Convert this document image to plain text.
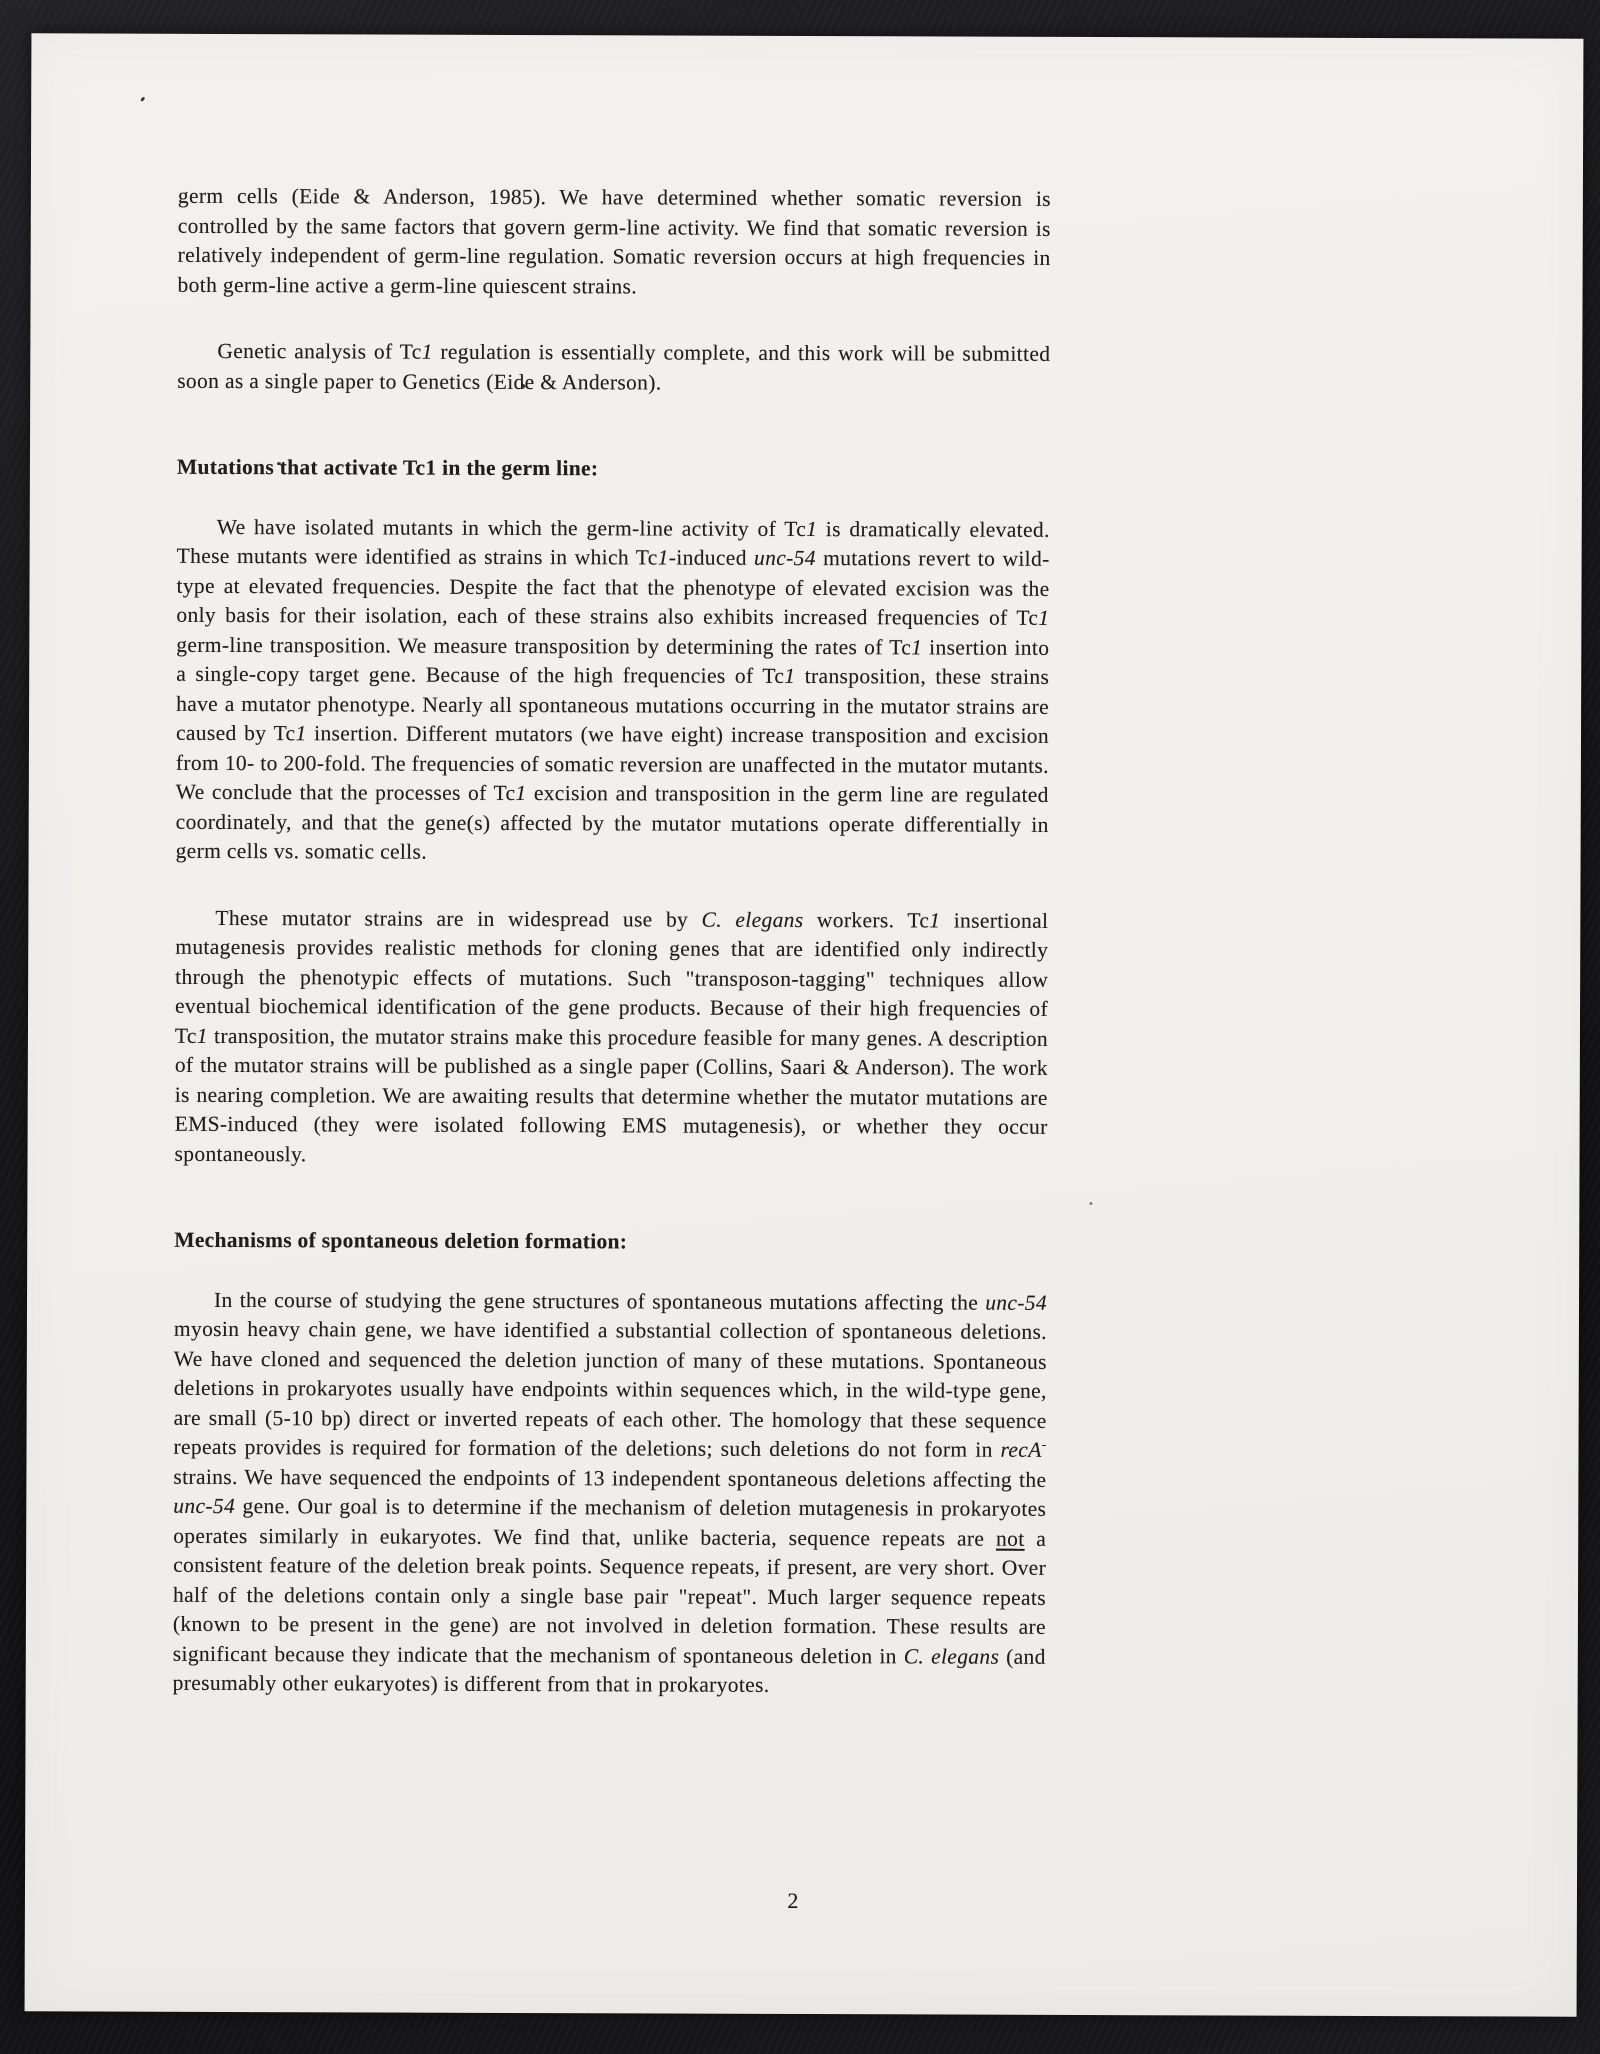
germ cells (Eide & Anderson, 1985). We have determined whether somatic reversion is controlled by the same factors that govern germ-line activity. We find that somatic reversion is relatively independent of germ-line regulation. Somatic reversion occurs at high frequencies in both germ-line active a germ-line quiescent strains.

Genetic analysis of Tc1 regulation is essentially complete, and this work will be submitted soon as a single paper to Genetics (Eide & Anderson).

Mutations that activate Tc1 in the germ line:

We have isolated mutants in which the germ-line activity of Tc1 is dramatically elevated. These mutants were identified as strains in which Tc1-induced unc-54 mutations revert to wild-type at elevated frequencies. Despite the fact that the phenotype of elevated excision was the only basis for their isolation, each of these strains also exhibits increased frequencies of Tc1 germ-line transposition. We measure transposition by determining the rates of Tc1 insertion into a single-copy target gene. Because of the high frequencies of Tc1 transposition, these strains have a mutator phenotype. Nearly all spontaneous mutations occurring in the mutator strains are caused by Tc1 insertion. Different mutators (we have eight) increase transposition and excision from 10- to 200-fold. The frequencies of somatic reversion are unaffected in the mutator mutants. We conclude that the processes of Tc1 excision and transposition in the germ line are regulated coordinately, and that the gene(s) affected by the mutator mutations operate differentially in germ cells vs. somatic cells.

These mutator strains are in widespread use by C. elegans workers. Tc1 insertional mutagenesis provides realistic methods for cloning genes that are identified only indirectly through the phenotypic effects of mutations. Such "transposon-tagging" techniques allow eventual biochemical identification of the gene products. Because of their high frequencies of Tc1 transposition, the mutator strains make this procedure feasible for many genes. A description of the mutator strains will be published as a single paper (Collins, Saari & Anderson). The work is nearing completion. We are awaiting results that determine whether the mutator mutations are EMS-induced (they were isolated following EMS mutagenesis), or whether they occur spontaneously.

Mechanisms of spontaneous deletion formation:

In the course of studying the gene structures of spontaneous mutations affecting the unc-54 myosin heavy chain gene, we have identified a substantial collection of spontaneous deletions. We have cloned and sequenced the deletion junction of many of these mutations. Spontaneous deletions in prokaryotes usually have endpoints within sequences which, in the wild-type gene, are small (5-10 bp) direct or inverted repeats of each other. The homology that these sequence repeats provides is required for formation of the deletions; such deletions do not form in recA- strains. We have sequenced the endpoints of 13 independent spontaneous deletions affecting the unc-54 gene. Our goal is to determine if the mechanism of deletion mutagenesis in prokaryotes operates similarly in eukaryotes. We find that, unlike bacteria, sequence repeats are not a consistent feature of the deletion break points. Sequence repeats, if present, are very short. Over half of the deletions contain only a single base pair "repeat". Much larger sequence repeats (known to be present in the gene) are not involved in deletion formation. These results are significant because they indicate that the mechanism of spontaneous deletion in C. elegans (and presumably other eukaryotes) is different from that in prokaryotes.

2
